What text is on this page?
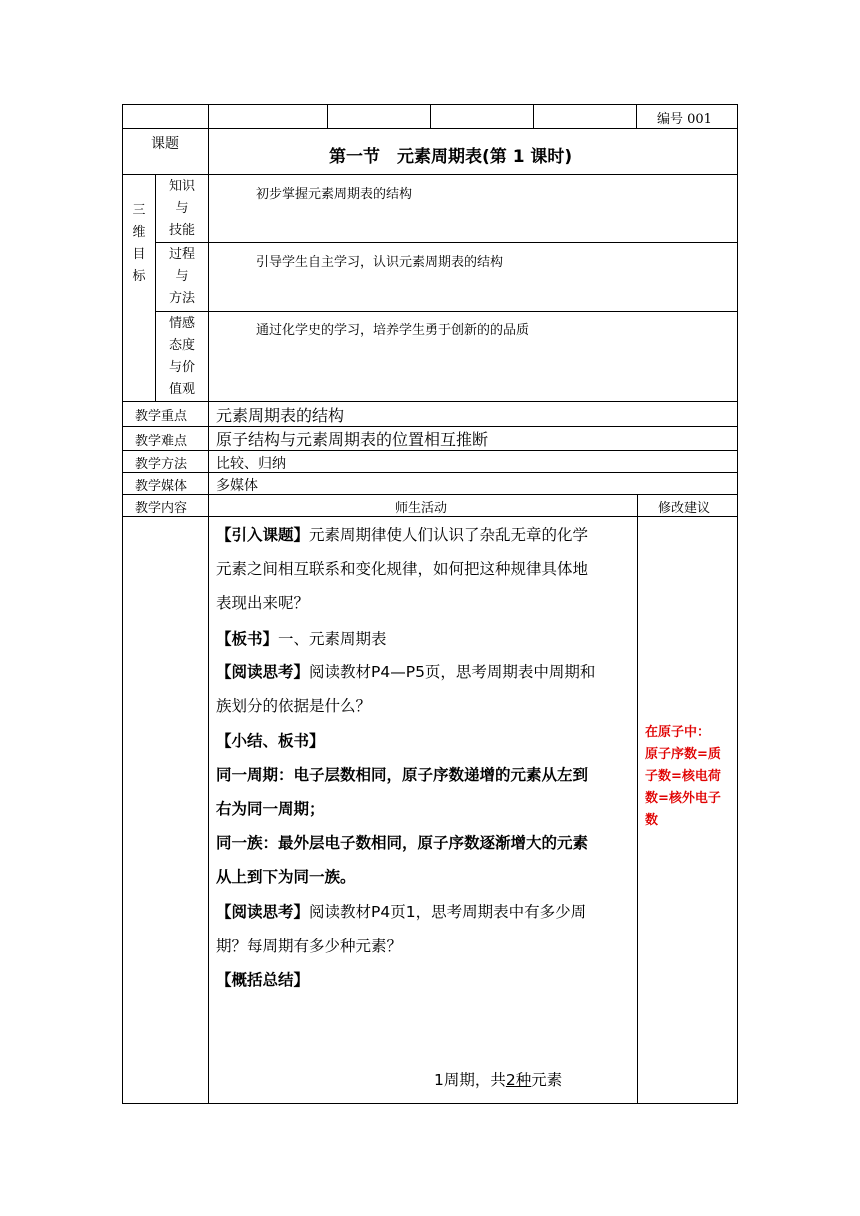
编号 001
课题
第一节　元素周期表(第 1 课时)
三
维
目
标
知识
与
技能
初步掌握元素周期表的结构
过程
与
方法
引导学生自主学习，认识元素周期表的结构
情感
态度
与价
值观
通过化学史的学习，培养学生勇于创新的的品质
教学重点 元素周期表的结构
教学难点 原子结构与元素周期表的位置相互推断
教学方法 比较、归纳
教学媒体 多媒体
教学内容	师生活动	修改建议
【引入课题】元素周期律使人们认识了杂乱无章的化学
元素之间相互联系和变化规律，如何把这种规律具体地
表现出来呢？
【板书】一、元素周期表
【阅读思考】阅读教材P4—P5页，思考周期表中周期和
族划分的依据是什么？
【小结、板书】
同一周期：电子层数相同，原子序数递增的元素从左到
右为同一周期；
同一族：最外层电子数相同，原子序数逐渐增大的元素
从上到下为同一族。
【阅读思考】阅读教材P4页1，思考周期表中有多少周
期？每周期有多少种元素？
【概括总结】
1周期，共2种元素
在原子中：
原子序数=质
子数=核电荷
数=核外电子
数
